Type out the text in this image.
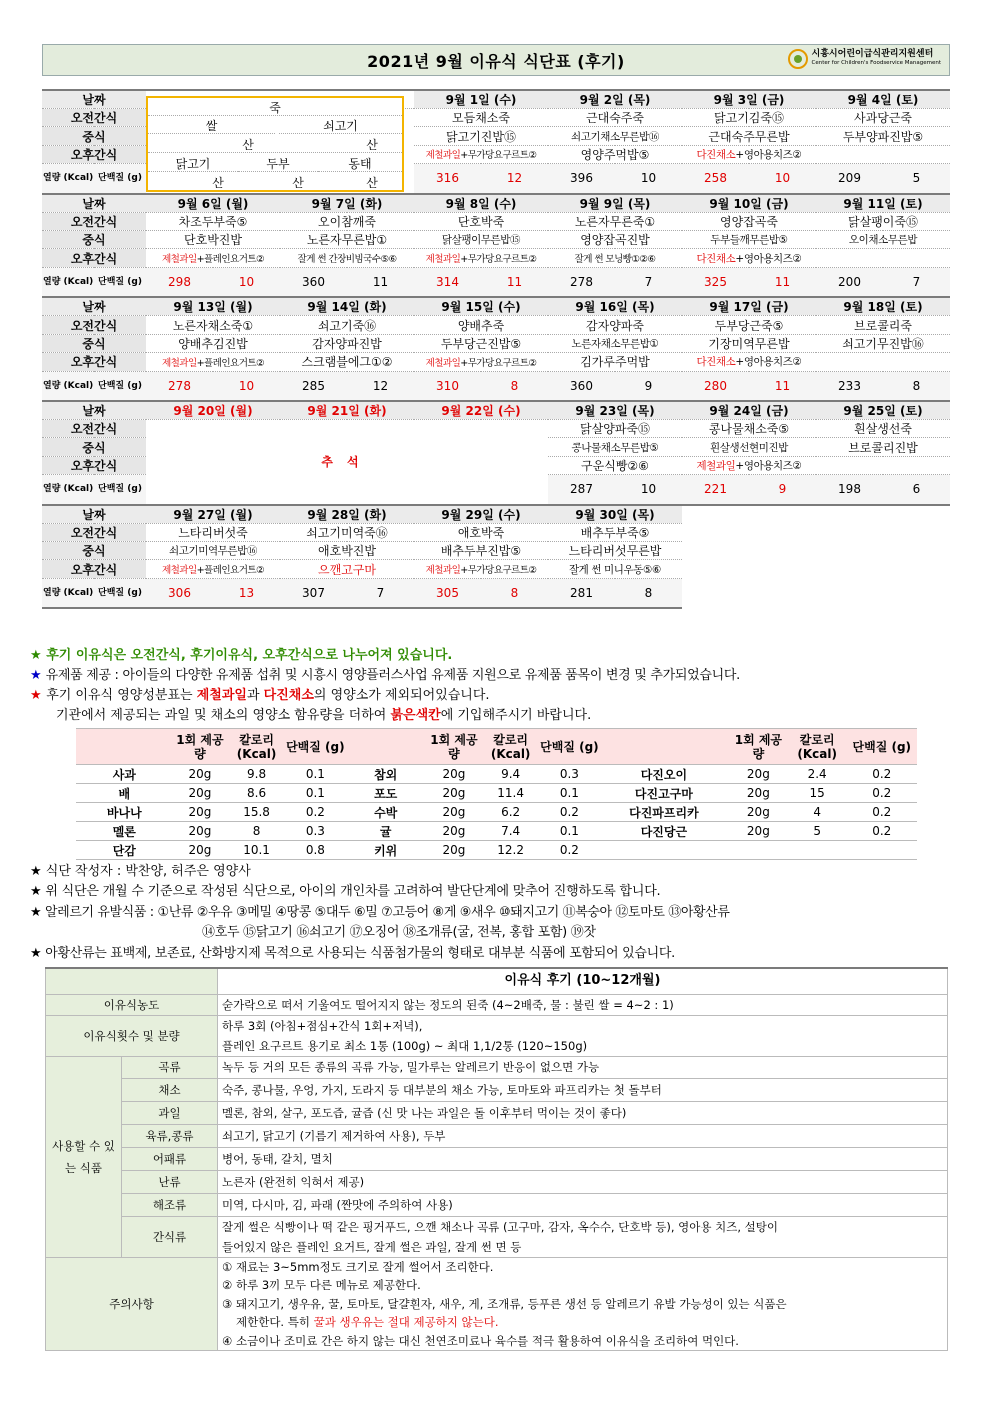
2021년 9월 이유식 식단표 (후기)	시흥시어린이급식관리지원센터
Center for Children's Foodservice Management
날짜						9월 1일 (수)		9월 2일 (목)		9월 3일 (금)		9월 4일 (토)	
오전간식						모듬채소죽		근대숙주죽		닭고기김죽⑮		사과당근죽	
중식						닭고기진밥⑮		쇠고기채소무른밥⑯		근대숙주무른밥		두부양파진밥⑤	
오후간식						제철과일+무가당요구르트②		영양주먹밥⑤		다진채소+영아용치즈②			
열량 (Kcal)	단백질 (g)					316	12	396	10	258	10	209	5
날짜		9월 6일 (월)		9월 7일 (화)		9월 8일 (수)		9월 9일 (목)		9월 10일 (금)		9월 11일 (토)	
오전간식		차조두부죽⑤		오이참깨죽		단호박죽		노른자무른죽①		영양잡곡죽		닭살팽이죽⑮	
중식		단호박진밥		노른자무른밥①		닭살팽이무른밥⑮		영양잡곡진밥		두부들깨무른밥⑤		오이채소무른밥	
오후간식		제철과일+플레인요거트②		잘게 썬 간장비빔국수⑤⑥		제철과일+무가당요구르트②		잘게 썬 모닝빵①②⑥		다진채소+영아용치즈②			
열량 (Kcal)	단백질 (g)	298	10	360	11	314	11	278	7	325	11	200	7
날짜		9월 13일 (월)		9월 14일 (화)		9월 15일 (수)		9월 16일 (목)		9월 17일 (금)		9월 18일 (토)	
오전간식		노른자채소죽①		쇠고기죽⑯		양배추죽		감자양파죽		두부당근죽⑤		브로콜리죽	
중식		양배추김진밥		감자양파진밥		두부당근진밥⑤		노른자채소무른밥①		기장미역무른밥		쇠고기무진밥⑯	
오후간식		제철과일+플레인요거트②		스크램블에그①②		제철과일+무가당요구르트②		김가루주먹밥		다진채소+영아용치즈②			
열량 (Kcal)	단백질 (g)	278	10	285	12	310	8	360	9	280	11	233	8
날짜		9월 20일 (월)		9월 21일 (화)		9월 22일 (수)		9월 23일 (목)		9월 24일 (금)		9월 25일 (토)	
오전간식		추석						닭살양파죽⑮		콩나물채소죽⑤		흰살생선죽	
중식								콩나물채소무른밥⑤		흰살생선현미진밥		브로콜리진밥	
오후간식								구운식빵②⑥		제철과일+영아용치즈②			
열량 (Kcal)	단백질 (g)							287	10	221	9	198	6
날짜		9월 27일 (월)		9월 28일 (화)		9월 29일 (수)		9월 30일 (목)					
오전간식		느타리버섯죽		쇠고기미역죽⑯		애호박죽		배추두부죽⑤					
중식		쇠고기미역무른밥⑯		애호박진밥		배추두부진밥⑤		느타리버섯무른밥					
오후간식		제철과일+플레인요거트②		으깬고구마		제철과일+무가당요구르트②		잘게 썬 미니우동⑤⑥					
열량 (Kcal)	단백질 (g)	306	13	307	7	305	8	281	8				
죽
쌀	쇠고기
산	산
닭고기	두부	동태
산	산	산
★ 후기 이유식은 오전간식, 후기이유식, 오후간식으로 나누어져 있습니다.
★ 유제품 제공 : 아이들의 다양한 유제품 섭취 및 시흥시 영양플러스사업 유제품 지원으로 유제품 품목이 변경 및 추가되었습니다.
★ 후기 이유식 영양성분표는 제철과일과 다진채소의 영양소가 제외되어있습니다.
기관에서 제공되는 과일 및 채소의 영양소 함유량을 더하여 붉은색칸에 기입해주시기 바랍니다.
	1회 제공량	칼로리 (Kcal)	단백질 (g)		1회 제공량	칼로리 (Kcal)	단백질 (g)		1회 제공량	칼로리 (Kcal)	단백질 (g)
사과	20g	9.8	0.1	참외	20g	9.4	0.3	다진오이	20g	2.4	0.2
배	20g	8.6	0.1	포도	20g	11.4	0.1	다진고구마	20g	15	0.2
바나나	20g	15.8	0.2	수박	20g	6.2	0.2	다진파프리카	20g	4	0.2
멜론	20g	8	0.3	귤	20g	7.4	0.1	다진당근	20g	5	0.2
단감	20g	10.1	0.8	키위	20g	12.2	0.2				
★ 식단 작성자 : 박찬양, 허주은 영양사
★ 위 식단은 개월 수 기준으로 작성된 식단으로, 아이의 개인차를 고려하여 발단단계에 맞추어 진행하도록 합니다.
★ 알레르기 유발식품 : ①난류 ②우유 ③메밀 ④땅콩 ⑤대두 ⑥밀 ⑦고등어 ⑧게 ⑨새우 ⑩돼지고기 ⑪복숭아 ⑫토마토 ⑬아황산류
⑭호두 ⑮닭고기 ⑯쇠고기 ⑰오징어 ⑱조개류(굴, 전복, 홍합 포함) ⑲잣
★ 아황산류는 표백제, 보존료, 산화방지제 목적으로 사용되는 식품첨가물의 형태로 대부분 식품에 포함되어 있습니다.
		이유식 후기 (10~12개월)
이유식농도		숟가락으로 떠서 기울여도 떨어지지 않는 정도의 된죽 (4~2배죽, 물 : 불린 쌀 = 4~2 : 1)
이유식횟수 및 분량		하루 3회 (아침+점심+간식 1회+저녁),
플레인 요구르트 용기로 최소 1통 (100g) ~ 최대 1,1/2통 (120~150g)

사용할 수 있는 식품	곡류	녹두 등 거의 모든 종류의 곡류 가능, 밀가루는 알레르기 반응이 없으면 가능
	채소	숙주, 콩나물, 우엉, 가지, 도라지 등 대부분의 채소 가능, 토마토와 파프리카는 첫 돌부터
	과일	멜론, 참외, 살구, 포도즙, 귤즙 (신 맛 나는 과일은 돌 이후부터 먹이는 것이 좋다)
	육류,콩류	쇠고기, 닭고기 (기름기 제거하여 사용), 두부
	어패류	병어, 동태, 갈치, 멸치
	난류	노른자 (완전히 익혀서 제공)
	해조류	미역, 다시마, 김, 파래 (짠맛에 주의하여 사용)
	간식류	잘게 썰은 식빵이나 떡 같은 핑거푸드, 으깬 채소나 곡류 (고구마, 감자, 옥수수, 단호박 등), 영아용 치즈, 설탕이
들어있지 않은 플레인 요거트, 잘게 썰은 과일, 잘게 썬 면 등

주의사항		① 재료는 3~5mm정도 크기로 잘게 썰어서 조리한다.
② 하루 3끼 모두 다른 메뉴로 제공한다.
③ 돼지고기, 생우유, 꿀, 토마토, 달걀흰자, 새우, 게, 조개류, 등푸른 생선 등 알레르기 유발 가능성이 있는 식품은
제한한다. 특히 꿀과 생우유는 절대 제공하지 않는다.
④ 소금이나 조미료 간은 하지 않는 대신 천연조미료나 육수를 적극 활용하여 이유식을 조리하여 먹인다.
